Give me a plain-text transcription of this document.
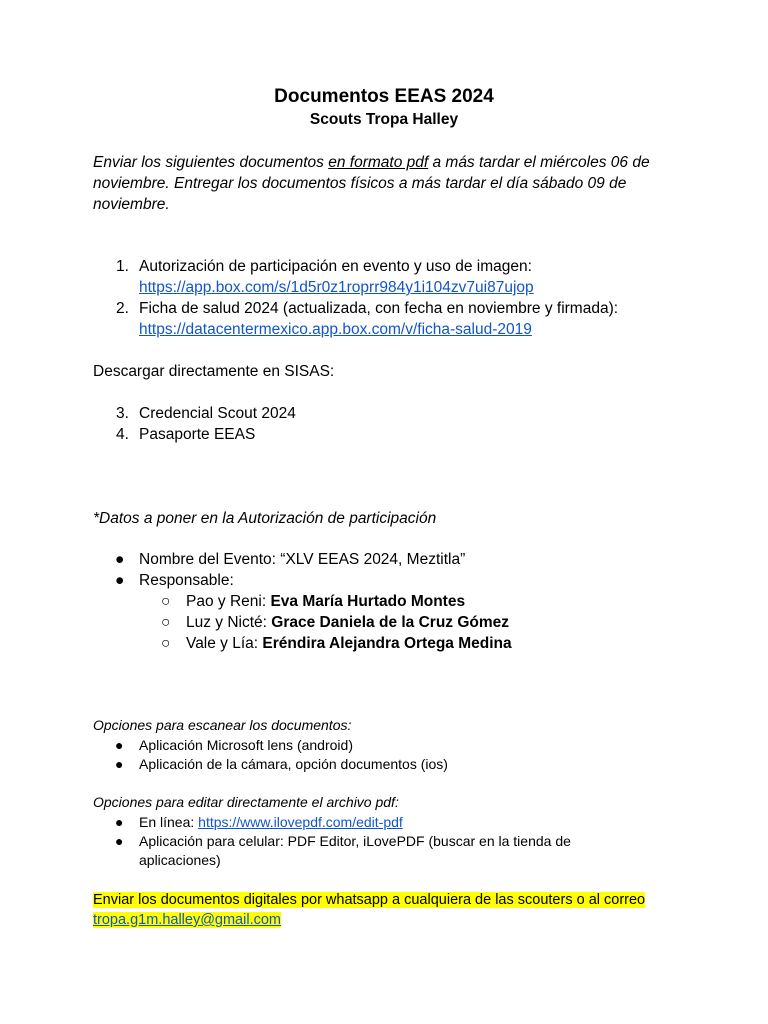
Documentos EEAS 2024
Scouts Tropa Halley
Enviar los siguientes documentos en formato pdf a más tardar el miércoles 06 de noviembre. Entregar los documentos físicos a más tardar el día sábado 09 de noviembre.
1. Autorización de participación en evento y uso de imagen:
https://app.box.com/s/1d5r0z1roprr984y1i104zv7ui87ujop
2. Ficha de salud 2024 (actualizada, con fecha en noviembre y firmada):
https://datacentermexico.app.box.com/v/ficha-salud-2019
Descargar directamente en SISAS:
3. Credencial Scout 2024
4. Pasaporte EEAS
*Datos a poner en la Autorización de participación
● Nombre del Evento: “XLV EEAS 2024, Meztitla”
● Responsable:
○ Pao y Reni: Eva María Hurtado Montes
○ Luz y Nicté: Grace Daniela de la Cruz Gómez
○ Vale y Lía: Eréndira Alejandra Ortega Medina
Opciones para escanear los documentos:
● Aplicación Microsoft lens (android)
● Aplicación de la cámara, opción documentos (ios)
Opciones para editar directamente el archivo pdf:
● En línea: https://www.ilovepdf.com/edit-pdf
● Aplicación para celular: PDF Editor, iLovePDF (buscar en la tienda de aplicaciones)
Enviar los documentos digitales por whatsapp a cualquiera de las scouters o al correo tropa.g1m.halley@gmail.com
